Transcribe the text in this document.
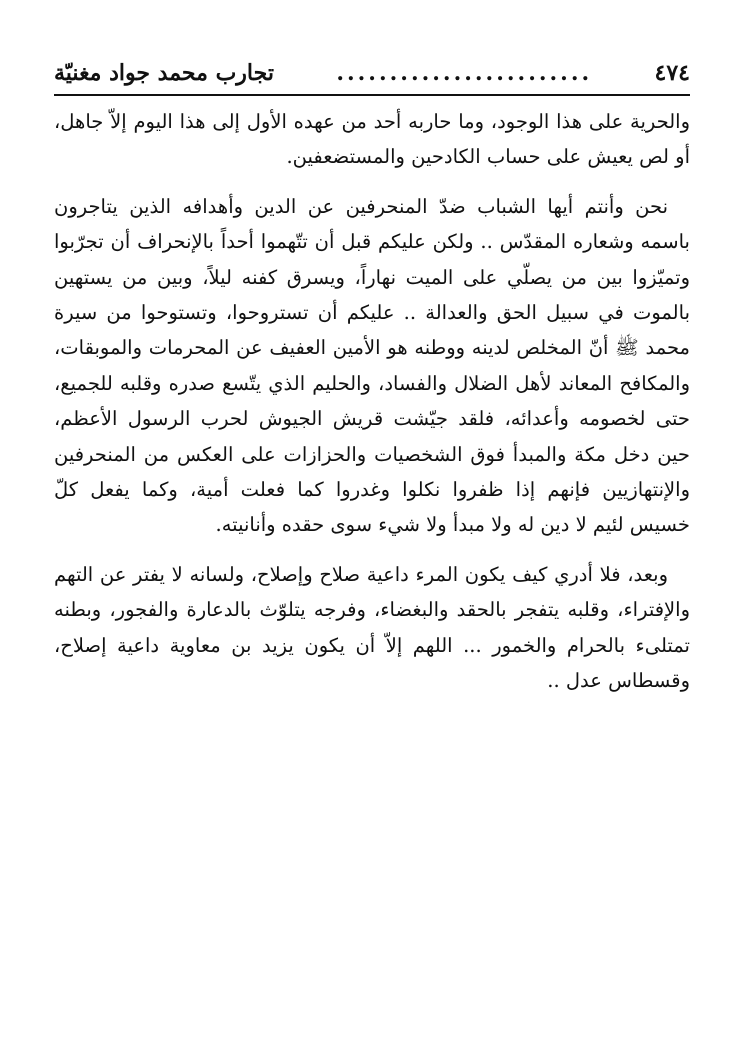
٤٧٤
........................
تجارب محمد جواد مغنيّة

والحرية على هذا الوجود، وما حاربه أحد من عهده الأول إلى هذا اليوم إلاّ جاهل، أو لص يعيش على حساب الكادحين والمستضعفين.

نحن وأنتم أيها الشباب ضدّ المنحرفين عن الدين وأهدافه الذين يتاجرون باسمه وشعاره المقدّس .. ولكن عليكم قبل أن تتّهموا أحداً بالإنحراف أن تجرّبوا وتميّزوا بين من يصلّي على الميت نهاراً، ويسرق كفنه ليلاً، وبين من يستهين بالموت في سبيل الحق والعدالة .. عليكم أن تستروحوا، وتستوحوا من سيرة محمد ﷺ أنّ المخلص لدينه ووطنه هو الأمين العفيف عن المحرمات والموبقات، والمكافح المعاند لأهل الضلال والفساد، والحليم الذي يتّسع صدره وقلبه للجميع، حتى لخصومه وأعدائه، فلقد جيّشت قريش الجيوش لحرب الرسول الأعظم، حين دخل مكة والمبدأ فوق الشخصيات والحزازات على العكس من المنحرفين والإنتهازيين فإنهم إذا ظفروا نكلوا وغدروا كما فعلت أمية، وكما يفعل كلّ خسيس لئيم لا دين له ولا مبدأ ولا شيء سوى حقده وأنانيته.

وبعد، فلا أدري كيف يكون المرء داعية صلاح وإصلاح، ولسانه لا يفتر عن التهم والإفتراء، وقلبه يتفجر بالحقد والبغضاء، وفرجه يتلوّث بالدعارة والفجور، وبطنه تمتلىء بالحرام والخمور ... اللهم إلاّ أن يكون يزيد بن معاوية داعية إصلاح، وقسطاس عدل ..
